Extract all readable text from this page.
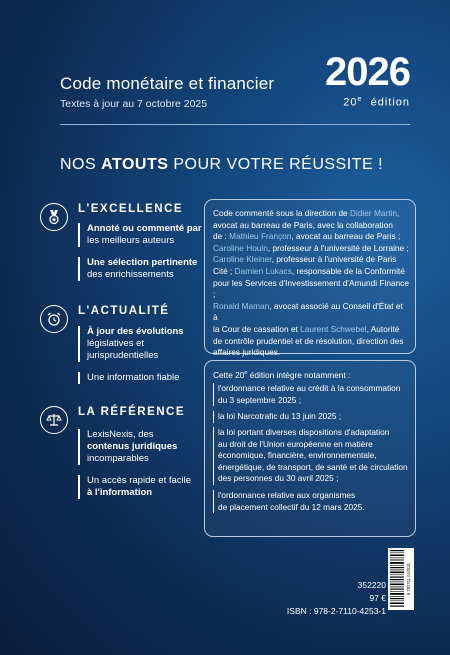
Code monétaire et financier
Textes à jour au 7 octobre 2025
2026
20e édition
NOS ATOUTS POUR VOTRE RÉUSSITE !
L'EXCELLENCE
Annoté ou commenté par
les meilleurs auteurs
Une sélection pertinente
des enrichissements
L'ACTUALITÉ
À jour des évolutions
législatives et
jurisprudentielles
Une information fiable
LA RÉFÉRENCE
LexisNexis, des
contenus juridiques
incomparables
Un accès rapide et facile
à l'information
Code commenté sous la direction de Didier Martin,
avocat au barreau de Paris, avec la collaboration
de : Mathieu Françon, avocat au barreau de Paris ;
Caroline Houin, professeur à l'université de Lorraine ;
Caroline Kleiner, professeur à l'université de Paris
Cité ; Damien Lukacs, responsable de la Conformité
pour les Services d'Investissement d'Amundi Finance ;
Ronald Maman, avocat associé au Conseil d'État et à
la Cour de cassation et Laurent Schwebel, Autorité
de contrôle prudentiel et de résolution, direction des
affaires juridiques.
Cette 20e édition intègre notamment :
l'ordonnance relative au crédit à la consommation
du 3 septembre 2025 ;
la loi Narcotrafic du 13 juin 2025 ;
la loi portant diverses dispositions d'adaptation
au droit de l'Union européenne en matière
économique, financière, environnementale,
énergétique, de transport, de santé et de circulation
des personnes du 30 avril 2025 ;
l'ordonnance relative aux organismes
de placement collectif du 12 mars 2025.
352220
97 €
ISBN : 978-2-7110-4253-1
9 782711 042531
